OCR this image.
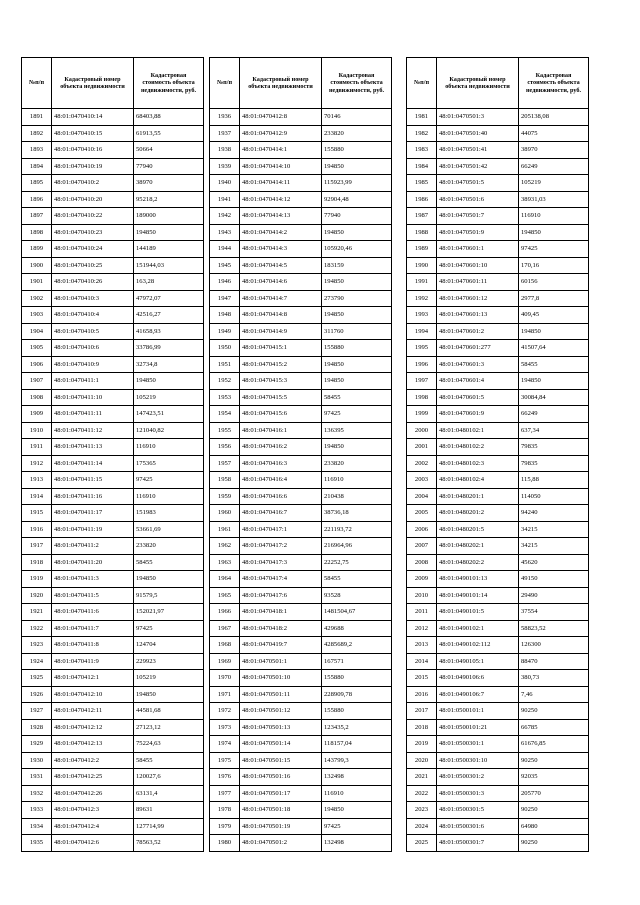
№п/п	Кадастровый номер объекта недвижимости	Кадастровая стоимость объекта недвижимости, руб.
1891	48:01:0470410:14	68403,88
1892	48:01:0470410:15	61913,55
1893	48:01:0470410:16	50664
1894	48:01:0470410:19	77940
1895	48:01:0470410:2	38970
1896	48:01:0470410:20	95218,2
1897	48:01:0470410:22	189000
1898	48:01:0470410:23	194850
1899	48:01:0470410:24	144189
1900	48:01:0470410:25	151944,03
1901	48:01:0470410:26	163,28
1902	48:01:0470410:3	47972,07
1903	48:01:0470410:4	42516,27
1904	48:01:0470410:5	41658,93
1905	48:01:0470410:6	33786,99
1906	48:01:0470410:9	32734,8
1907	48:01:0470411:1	194850
1908	48:01:0470411:10	105219
1909	48:01:0470411:11	147423,51
1910	48:01:0470411:12	121040,82
1911	48:01:0470411:13	116910
1912	48:01:0470411:14	175365
1913	48:01:0470411:15	97425
1914	48:01:0470411:16	116910
1915	48:01:0470411:17	151983
1916	48:01:0470411:19	53661,69
1917	48:01:0470411:2	233820
1918	48:01:0470411:20	58455
1919	48:01:0470411:3	194850
1920	48:01:0470411:5	91579,5
1921	48:01:0470411:6	152021,97
1922	48:01:0470411:7	97425
1923	48:01:0470411:8	124704
1924	48:01:0470411:9	229923
1925	48:01:0470412:1	105219
1926	48:01:0470412:10	194850
1927	48:01:0470412:11	44581,68
1928	48:01:0470412:12	27123,12
1929	48:01:0470412:13	75224,63
1930	48:01:0470412:2	58455
1931	48:01:0470412:25	120027,6
1932	48:01:0470412:26	63131,4
1933	48:01:0470412:3	89631
1934	48:01:0470412:4	127714,99
1935	48:01:0470412:6	78563,52
№п/п	Кадастровый номер объекта недвижимости	Кадастровая стоимость объекта недвижимости, руб.
1936	48:01:0470412:8	70146
1937	48:01:0470412:9	233820
1938	48:01:0470414:1	155880
1939	48:01:0470414:10	194850
1940	48:01:0470414:11	115923,99
1941	48:01:0470414:12	92904,48
1942	48:01:0470414:13	77940
1943	48:01:0470414:2	194850
1944	48:01:0470414:3	105920,46
1945	48:01:0470414:5	183159
1946	48:01:0470414:6	194850
1947	48:01:0470414:7	273790
1948	48:01:0470414:8	194850
1949	48:01:0470414:9	311760
1950	48:01:0470415:1	155880
1951	48:01:0470415:2	194850
1952	48:01:0470415:3	194850
1953	48:01:0470415:5	58455
1954	48:01:0470415:6	97425
1955	48:01:0470416:1	136395
1956	48:01:0470416:2	194850
1957	48:01:0470416:3	233820
1958	48:01:0470416:4	116910
1959	48:01:0470416:6	210438
1960	48:01:0470416:7	38736,18
1961	48:01:0470417:1	221193,72
1962	48:01:0470417:2	216964,96
1963	48:01:0470417:3	22252,75
1964	48:01:0470417:4	58455
1965	48:01:0470417:6	93528
1966	48:01:0470418:1	1481504,67
1967	48:01:0470418:2	429688
1968	48:01:0470419:7	4285689,2
1969	48:01:0470501:1	167571
1970	48:01:0470501:10	155880
1971	48:01:0470501:11	228909,78
1972	48:01:0470501:12	155880
1973	48:01:0470501:13	123435,2
1974	48:01:0470501:14	118157,04
1975	48:01:0470501:15	143799,3
1976	48:01:0470501:16	132498
1977	48:01:0470501:17	116910
1978	48:01:0470501:18	194850
1979	48:01:0470501:19	97425
1980	48:01:0470501:2	132498
№п/п	Кадастровый номер объекта недвижимости	Кадастровая стоимость объекта недвижимости, руб.
1981	48:01:0470501:3	205138,08
1982	48:01:0470501:40	44075
1983	48:01:0470501:41	38970
1984	48:01:0470501:42	66249
1985	48:01:0470501:5	105219
1986	48:01:0470501:6	38931,03
1987	48:01:0470501:7	116910
1988	48:01:0470501:9	194850
1989	48:01:0470601:1	97425
1990	48:01:0470601:10	170,16
1991	48:01:0470601:11	60156
1992	48:01:0470601:12	2977,8
1993	48:01:0470601:13	409,45
1994	48:01:0470601:2	194850
1995	48:01:0470601:277	41507,64
1996	48:01:0470601:3	58455
1997	48:01:0470601:4	194850
1998	48:01:0470601:5	30084,84
1999	48:01:0470601:9	66249
2000	48:01:0480102:1	637,34
2001	48:01:0480102:2	79835
2002	48:01:0480102:3	79835
2003	48:01:0480102:4	115,88
2004	48:01:0480201:1	114050
2005	48:01:0480201:2	94240
2006	48:01:0480201:5	34215
2007	48:01:0480202:1	34215
2008	48:01:0480202:2	45620
2009	48:01:0490101:13	49150
2010	48:01:0490101:14	29490
2011	48:01:0490101:5	37554
2012	48:01:0490102:1	58823,52
2013	48:01:0490102:112	126300
2014	48:01:0490105:1	88470
2015	48:01:0490106:6	380,73
2016	48:01:0490106:7	7,46
2017	48:01:0500101:1	90250
2018	48:01:0500101:21	66785
2019	48:01:0500301:1	61676,85
2020	48:01:0500301:10	90250
2021	48:01:0500301:2	92035
2022	48:01:0500301:3	205770
2023	48:01:0500301:5	90250
2024	48:01:0500301:6	64980
2025	48:01:0500301:7	90250
